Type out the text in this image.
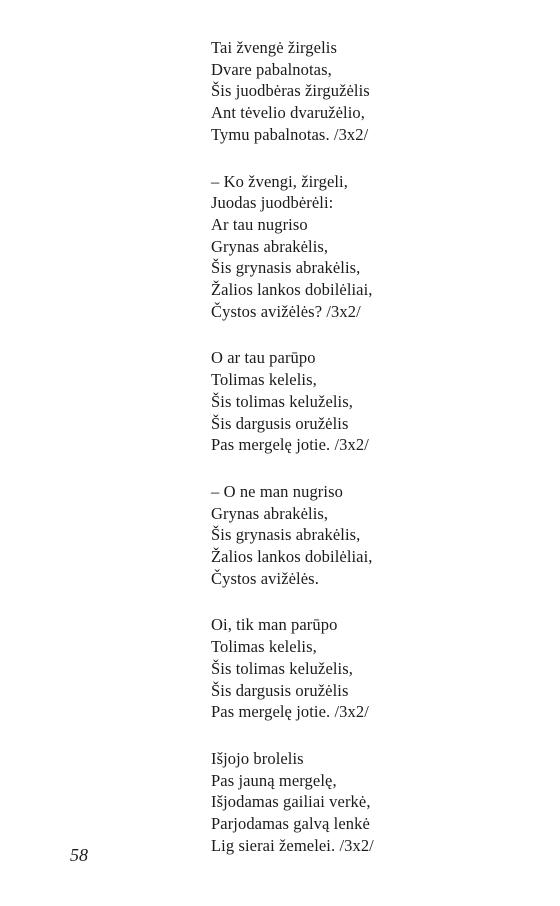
Tai žvengė žirgelis
Dvare pabalnotas,
Šis juodbėras žirgužėlis
Ant tėvelio dvaružėlio,
Tymu pabalnotas. /3x2/
– Ko žvengi, žirgeli,
Juodas juodbėrėli:
Ar tau nugriso
Grynas abrakėlis,
Šis grynasis abrakėlis,
Žalios lankos dobilėliai,
Čystos avižėlės? /3x2/
O ar tau parūpo
Tolimas kelelis,
Šis tolimas keluželis,
Šis dargusis oružėlis
Pas mergelę jotie. /3x2/
– O ne man nugriso
Grynas abrakėlis,
Šis grynasis abrakėlis,
Žalios lankos dobilėliai,
Čystos avižėlės.
Oi, tik man parūpo
Tolimas kelelis,
Šis tolimas keluželis,
Šis dargusis oružėlis
Pas mergelę jotie. /3x2/
Išjojo brolelis
Pas jauną mergelę,
Išjodamas gailiai verkė,
Parjodamas galvą lenkė
Lig sierai žemelei. /3x2/
58
